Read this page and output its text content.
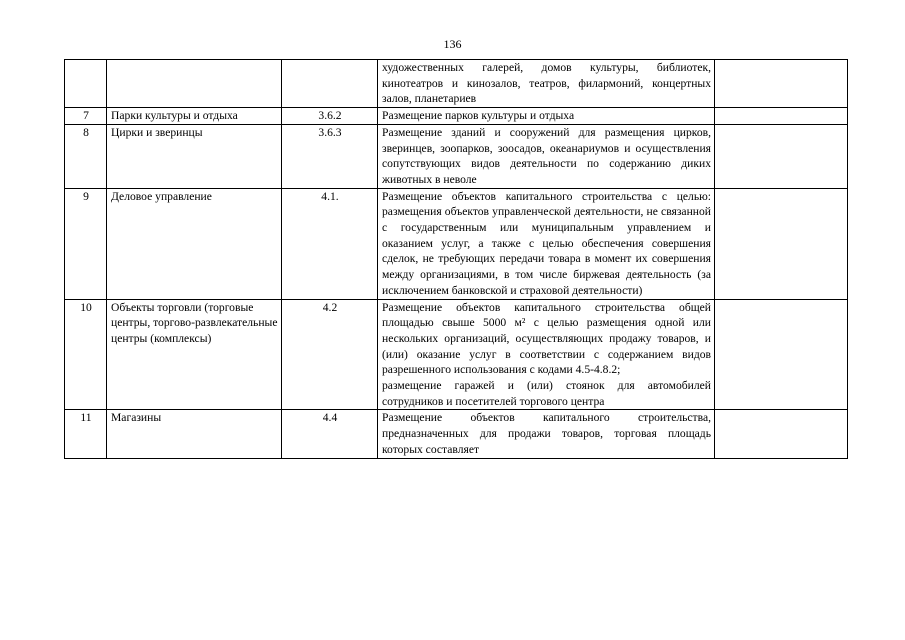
136

			художественных галерей, домов культуры, библиотек, кинотеатров и кинозалов, театров, филармоний, концертных залов, планетариев	

7	Парки культуры и отдыха	3.6.2	Размещение парков культуры и отдыха	

8	Цирки и зверинцы	3.6.3	Размещение зданий и сооружений для размещения цирков, зверинцев, зоопарков, зоосадов, океанариумов и осуществления сопутствующих видов деятельности по содержанию диких животных в неволе	

9	Деловое управление	4.1.	Размещение объектов капитального строительства с целью: размещения объектов управленческой деятельности, не связанной с государственным или муниципальным управлением и оказанием услуг, а также с целью обеспечения совершения сделок, не требующих передачи товара в момент их совершения между организациями, в том числе биржевая деятельность (за исключением банковской и страховой деятельности)	

10	Объекты торговли (торговые центры, торгово-развлекательные центры (комплексы)	4.2	Размещение объектов капитального строительства общей площадью свыше 5000 м² с целью размещения одной или нескольких организаций, осуществляющих продажу товаров, и (или) оказание услуг в соответствии с содержанием видов разрешенного использования с кодами 4.5-4.8.2;

размещение гаражей и (или) стоянок для автомобилей сотрудников и посетителей торгового центра	

11	Магазины	4.4	Размещение объектов капитального строительства, предназначенных для продажи товаров, торговая площадь которых составляет	
